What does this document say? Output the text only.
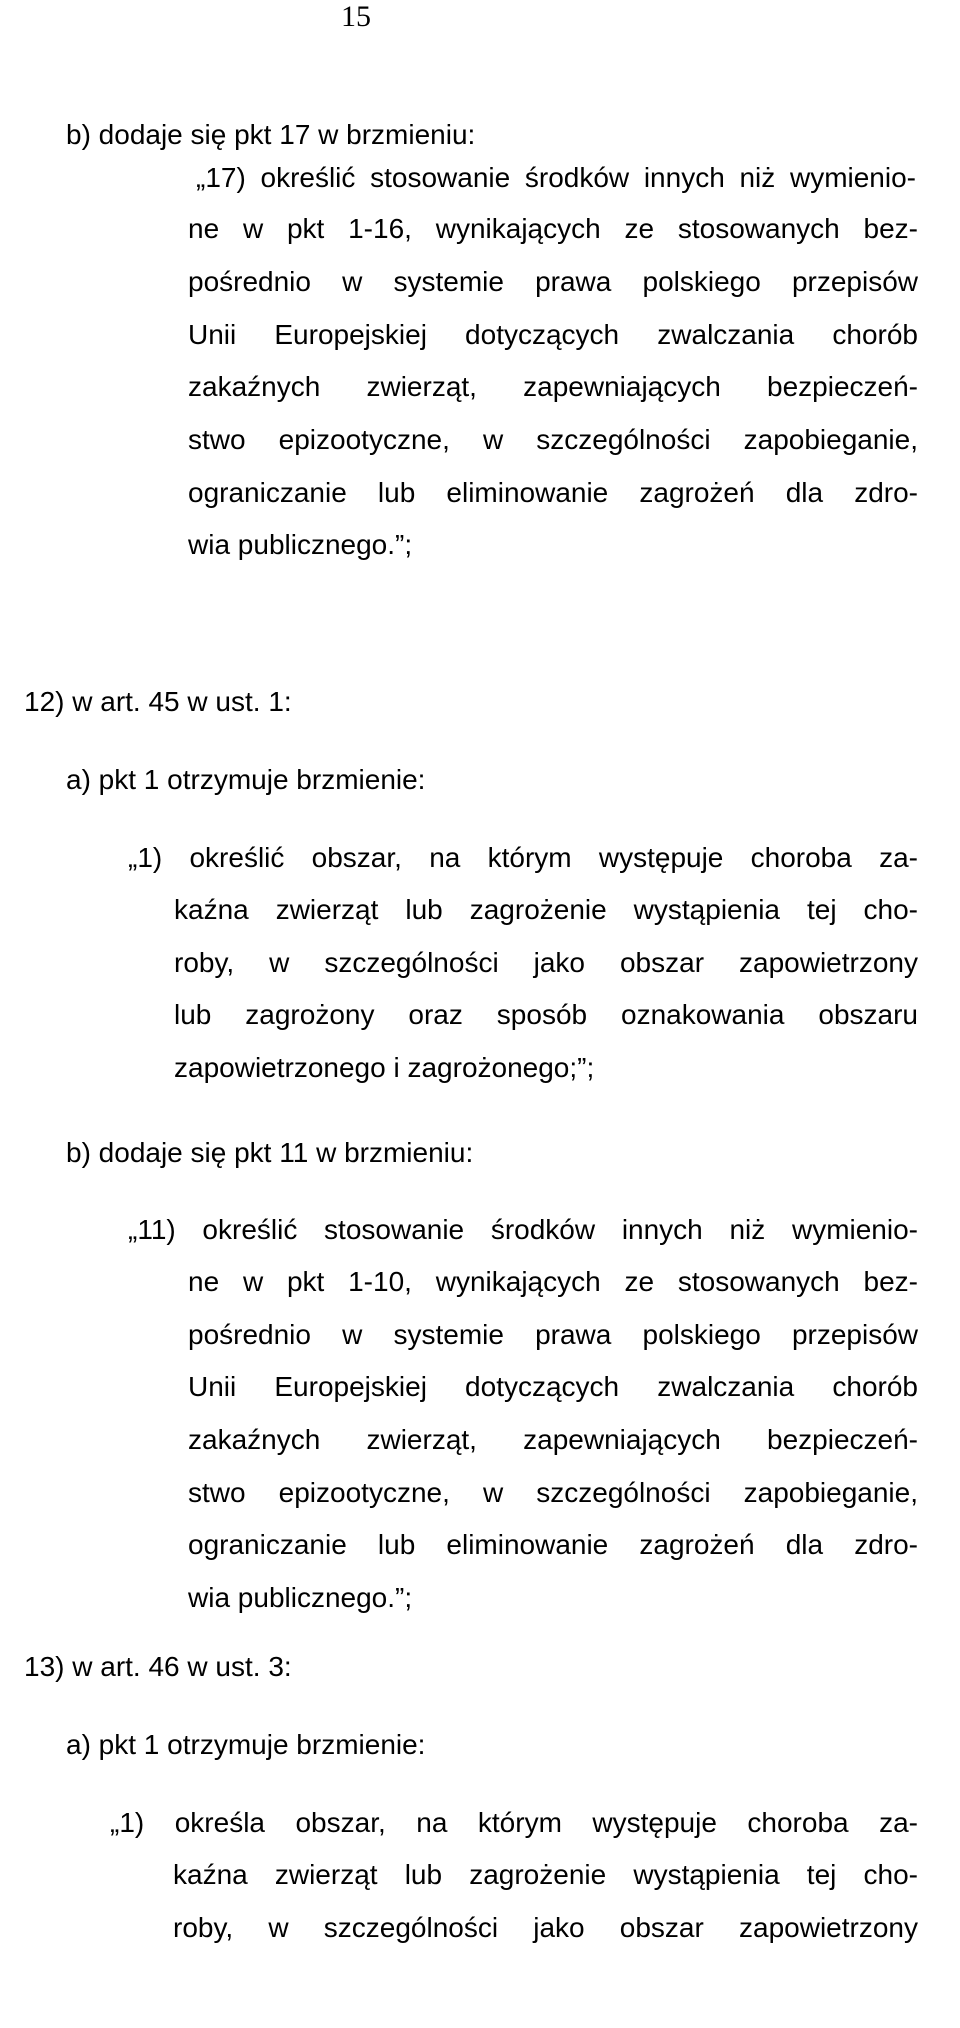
15
b) dodaje się pkt 17 w brzmieniu:
„17) określić stosowanie środków innych niż wymienio-
ne w pkt 1-16, wynikających ze stosowanych bez-
pośrednio w systemie prawa polskiego przepisów
Unii Europejskiej dotyczących zwalczania chorób
zakaźnych zwierząt, zapewniających bezpieczeń-
stwo epizootyczne, w szczególności zapobieganie,
ograniczanie lub eliminowanie zagrożeń dla zdro-
wia publicznego.”;
12) w art. 45 w ust. 1:
a) pkt 1 otrzymuje brzmienie:
„1) określić obszar, na którym występuje choroba za-
kaźna zwierząt lub zagrożenie wystąpienia tej cho-
roby, w szczególności jako obszar zapowietrzony
lub zagrożony oraz sposób oznakowania obszaru
zapowietrzonego i zagrożonego;”;
b) dodaje się pkt 11 w brzmieniu:
„11) określić stosowanie środków innych niż wymienio-
ne w pkt 1-10, wynikających ze stosowanych bez-
pośrednio w systemie prawa polskiego przepisów
Unii Europejskiej dotyczących zwalczania chorób
zakaźnych zwierząt, zapewniających bezpieczeń-
stwo epizootyczne, w szczególności zapobieganie,
ograniczanie lub eliminowanie zagrożeń dla zdro-
wia publicznego.”;
13) w art. 46 w ust. 3:
a) pkt 1 otrzymuje brzmienie:
„1) określa obszar, na którym występuje choroba za-
kaźna zwierząt lub zagrożenie wystąpienia tej cho-
roby, w szczególności jako obszar zapowietrzony
